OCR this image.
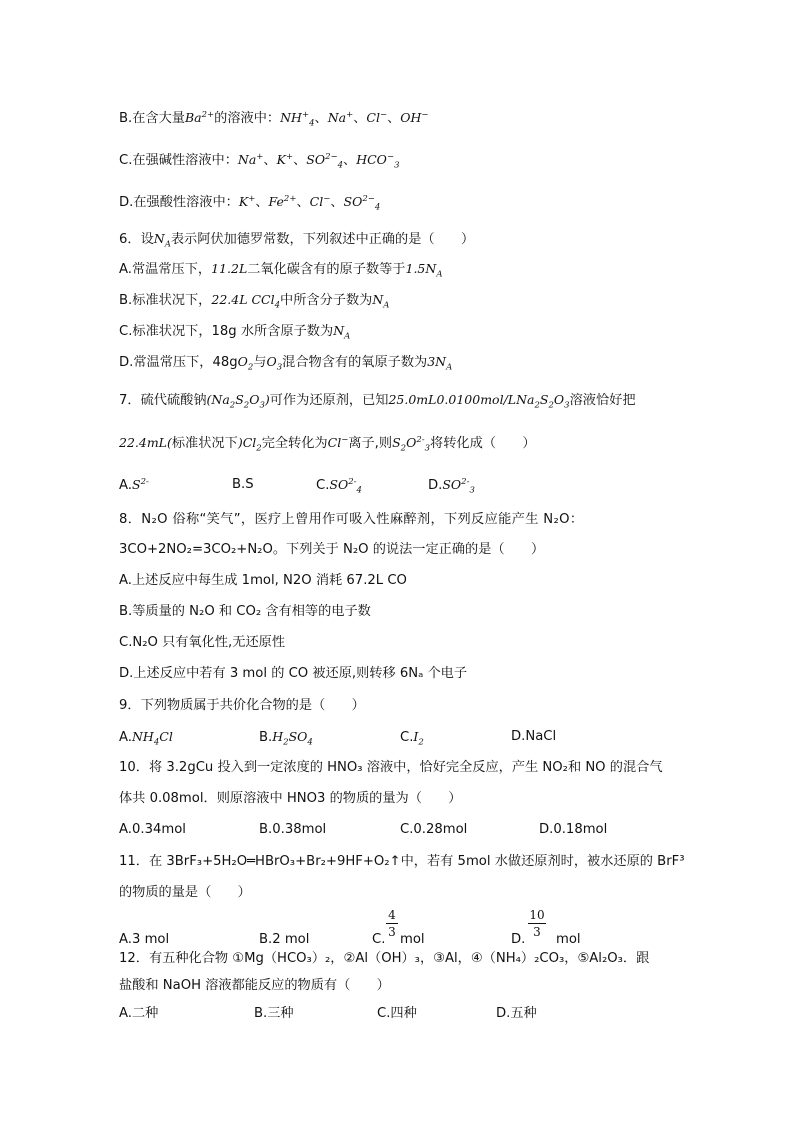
B.在含大量$Ba^{2+}$的溶液中：$NH^+_4$、Na+、Cl−、OH−
C.在强碱性溶液中：Na+、K+、$SO^{2-}_4$、$HCO^-_3$
D.在强酸性溶液中：K+、$Fe^{2+}$、Cl−、$SO^{2-}_4$
6．设$N_A$表示阿伏加德罗常数，下列叙述中正确的是（　　）
A.常温常压下，11.2L二氧化碳含有的原子数等于$1.5N_A$
B.标准状况下，22.4L CCl$_4$中所含分子数为$N_A$
C.标准状况下，18g 水所含原子数为$N_A$
D.常温常压下，$48gO_2$与$O_3$混合物含有的氧原子数为$3N_A$
7．硫代硫酸钠$(Na_2S_2O_3)$可作为还原剂，已知$25.0mL0.0100mol/LNa_2S_2O_3$溶液恰好把
22.4mL(标准状况下)$Cl_2$完全转化为Cl−离子,则$S_2O^{2-}_3$将转化成（　　）
$A.S^{2-}$	B.S	$C.SO^{2-}_4$	$D.SO^{2-}_3$
8．N₂O 俗称“笑气”，医疗上曾用作可吸入性麻醉剂，下列反应能产生 N₂O：
3CO+2NO₂=3CO₂+N₂O。下列关于 N₂O 的说法一定正确的是（　　）
A.上述反应中每生成 1mol, N2O 消耗 67.2L CO
B.等质量的 N₂O 和 CO₂ 含有相等的电子数
C.N₂O 只有氧化性,无还原性
D.上述反应中若有 3 mol 的 CO 被还原,则转移 6Nₐ 个电子
9．下列物质属于共价化合物的是（　　）
$A.NH_4Cl$	$B.H_2SO_4$	$C.I_2$	D.NaCl
10．将 3.2gCu 投入到一定浓度的 HNO₃ 溶液中，恰好完全反应，产生 NO₂和 NO 的混合气
体共 0.08mol．则原溶液中 HNO3 的物质的量为（　　）
A.0.34mol	B.0.38mol	C.0.28mol	D.0.18mol
11．在 3BrF₃+5H₂O═HBrO₃+Br₂+9HF+O₂↑中，若有 5mol 水做还原剂时，被水还原的 BrF³
的物质的量是（　　）
A.3 mol	B.2 mol	C.
4
3 mol	D.
10
3	mol
12．有五种化合物 ①Mg（HCO₃）₂，②Al（OH）₃，③Al，④（NH₄）₂CO₃，⑤Al₂O₃．跟
盐酸和 NaOH 溶液都能反应的物质有（　　）
A.二种	B.三种	C.四种	D.五种
